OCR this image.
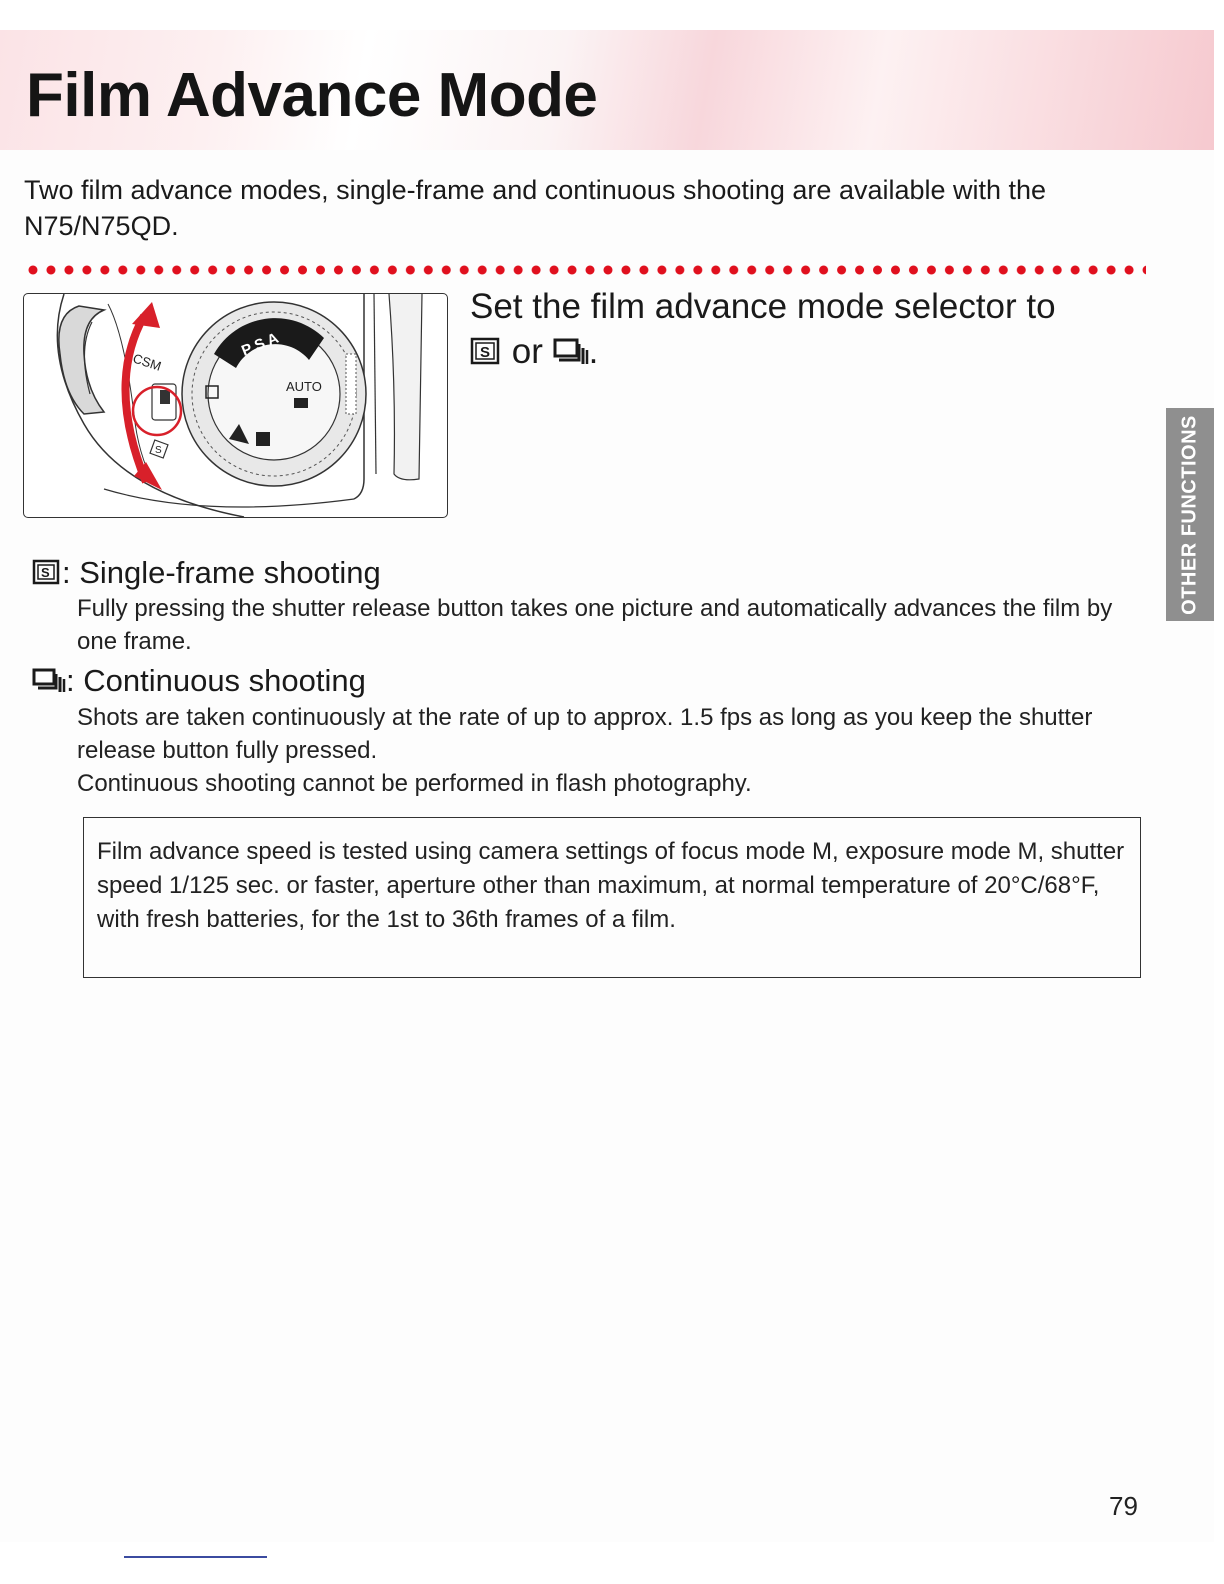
Film Advance Mode

Two film advance modes, single-frame and continuous shooting are available with the N75/N75QD.

P S A
AUTO
CSM
S

Set the film advance mode selector to

S or .

S : Single-frame shooting

Fully pressing the shutter release button takes one picture and automatically advances the film by one frame.

: Continuous shooting

Shots are taken continuously at the rate of up to approx. 1.5 fps as long as you keep the shutter release button fully pressed.

Continuous shooting cannot be performed in flash photography.

Film advance speed is tested using camera settings of focus mode M, exposure mode M, shutter speed 1/125 sec. or faster, aperture other than maximum, at normal temperature of 20°C/68°F, with fresh batteries, for the 1st to 36th frames of a film.

OTHER FUNCTIONS

79
